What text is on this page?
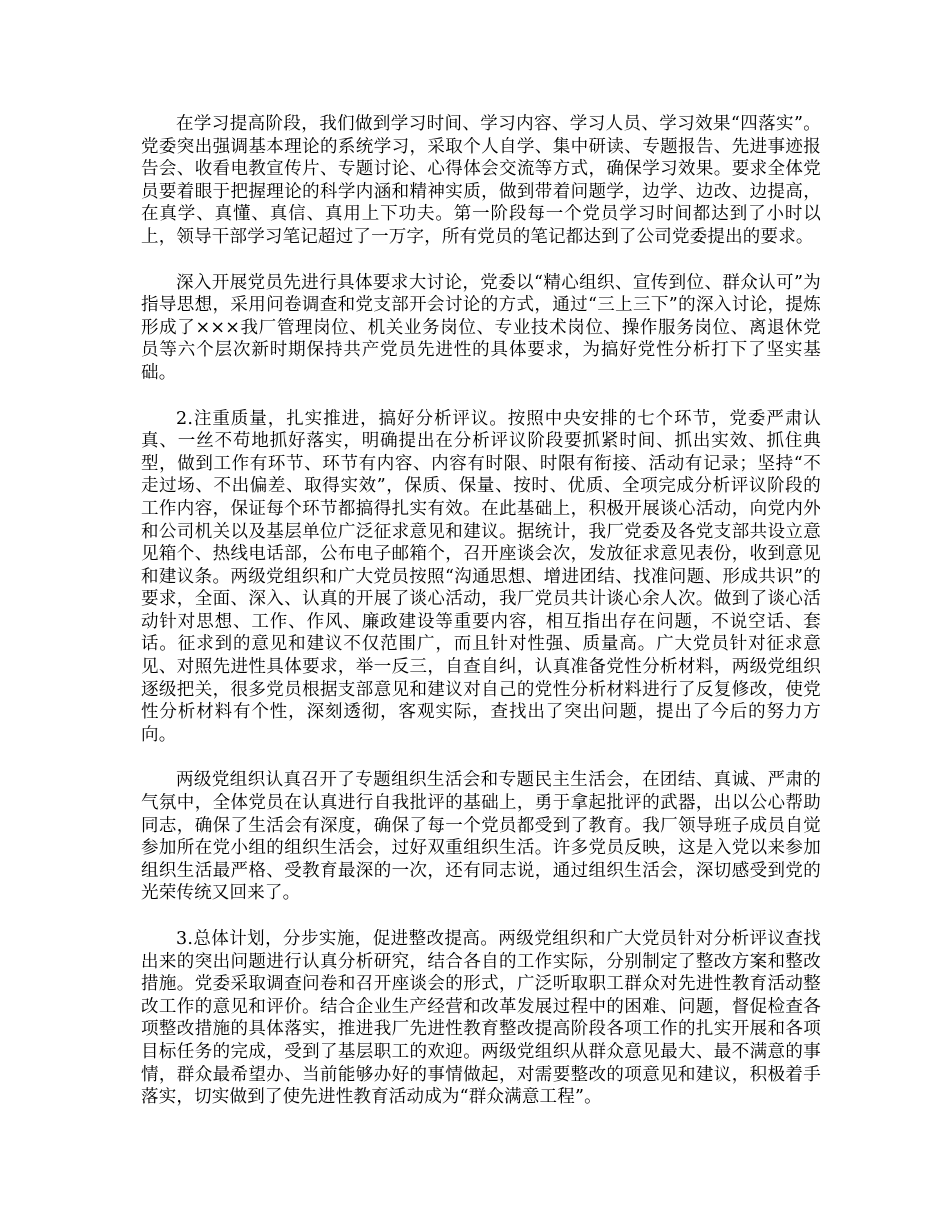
在学习提高阶段，我们做到学习时间、学习内容、学习人员、学习效果“四落实”。党委突出强调基本理论的系统学习，采取个人自学、集中研读、专题报告、先进事迹报告会、收看电教宣传片、专题讨论、心得体会交流等方式，确保学习效果。要求全体党员要着眼于把握理论的科学内涵和精神实质，做到带着问题学，边学、边改、边提高，在真学、真懂、真信、真用上下功夫。第一阶段每一个党员学习时间都达到了小时以上，领导干部学习笔记超过了一万字，所有党员的笔记都达到了公司党委提出的要求。

深入开展党员先进行具体要求大讨论，党委以“精心组织、宣传到位、群众认可”为指导思想，采用问卷调查和党支部开会讨论的方式，通过“三上三下”的深入讨论，提炼形成了×××我厂管理岗位、机关业务岗位、专业技术岗位、操作服务岗位、离退休党员等六个层次新时期保持共产党员先进性的具体要求，为搞好党性分析打下了坚实基础。

2.注重质量，扎实推进，搞好分析评议。按照中央安排的七个环节，党委严肃认真、一丝不苟地抓好落实，明确提出在分析评议阶段要抓紧时间、抓出实效、抓住典型，做到工作有环节、环节有内容、内容有时限、时限有衔接、活动有记录；坚持“不走过场、不出偏差、取得实效”，保质、保量、按时、优质、全项完成分析评议阶段的工作内容，保证每个环节都搞得扎实有效。在此基础上，积极开展谈心活动，向党内外和公司机关以及基层单位广泛征求意见和建议。据统计，我厂党委及各党支部共设立意见箱个、热线电话部，公布电子邮箱个，召开座谈会次，发放征求意见表份，收到意见和建议条。两级党组织和广大党员按照“沟通思想、增进团结、找准问题、形成共识”的要求，全面、深入、认真的开展了谈心活动，我厂党员共计谈心余人次。做到了谈心活动针对思想、工作、作风、廉政建设等重要内容，相互指出存在问题，不说空话、套话。征求到的意见和建议不仅范围广，而且针对性强、质量高。广大党员针对征求意见、对照先进性具体要求，举一反三，自查自纠，认真准备党性分析材料，两级党组织逐级把关，很多党员根据支部意见和建议对自己的党性分析材料进行了反复修改，使党性分析材料有个性，深刻透彻，客观实际，查找出了突出问题，提出了今后的努力方向。

两级党组织认真召开了专题组织生活会和专题民主生活会，在团结、真诚、严肃的气氛中，全体党员在认真进行自我批评的基础上，勇于拿起批评的武器，出以公心帮助同志，确保了生活会有深度，确保了每一个党员都受到了教育。我厂领导班子成员自觉参加所在党小组的组织生活会，过好双重组织生活。许多党员反映，这是入党以来参加组织生活最严格、受教育最深的一次，还有同志说，通过组织生活会，深切感受到党的光荣传统又回来了。

3.总体计划，分步实施，促进整改提高。两级党组织和广大党员针对分析评议查找出来的突出问题进行认真分析研究，结合各自的工作实际，分别制定了整改方案和整改措施。党委采取调查问卷和召开座谈会的形式，广泛听取职工群众对先进性教育活动整改工作的意见和评价。结合企业生产经营和改革发展过程中的困难、问题，督促检查各项整改措施的具体落实，推进我厂先进性教育整改提高阶段各项工作的扎实开展和各项目标任务的完成，受到了基层职工的欢迎。两级党组织从群众意见最大、最不满意的事情，群众最希望办、当前能够办好的事情做起，对需要整改的项意见和建议，积极着手落实，切实做到了使先进性教育活动成为“群众满意工程”。
